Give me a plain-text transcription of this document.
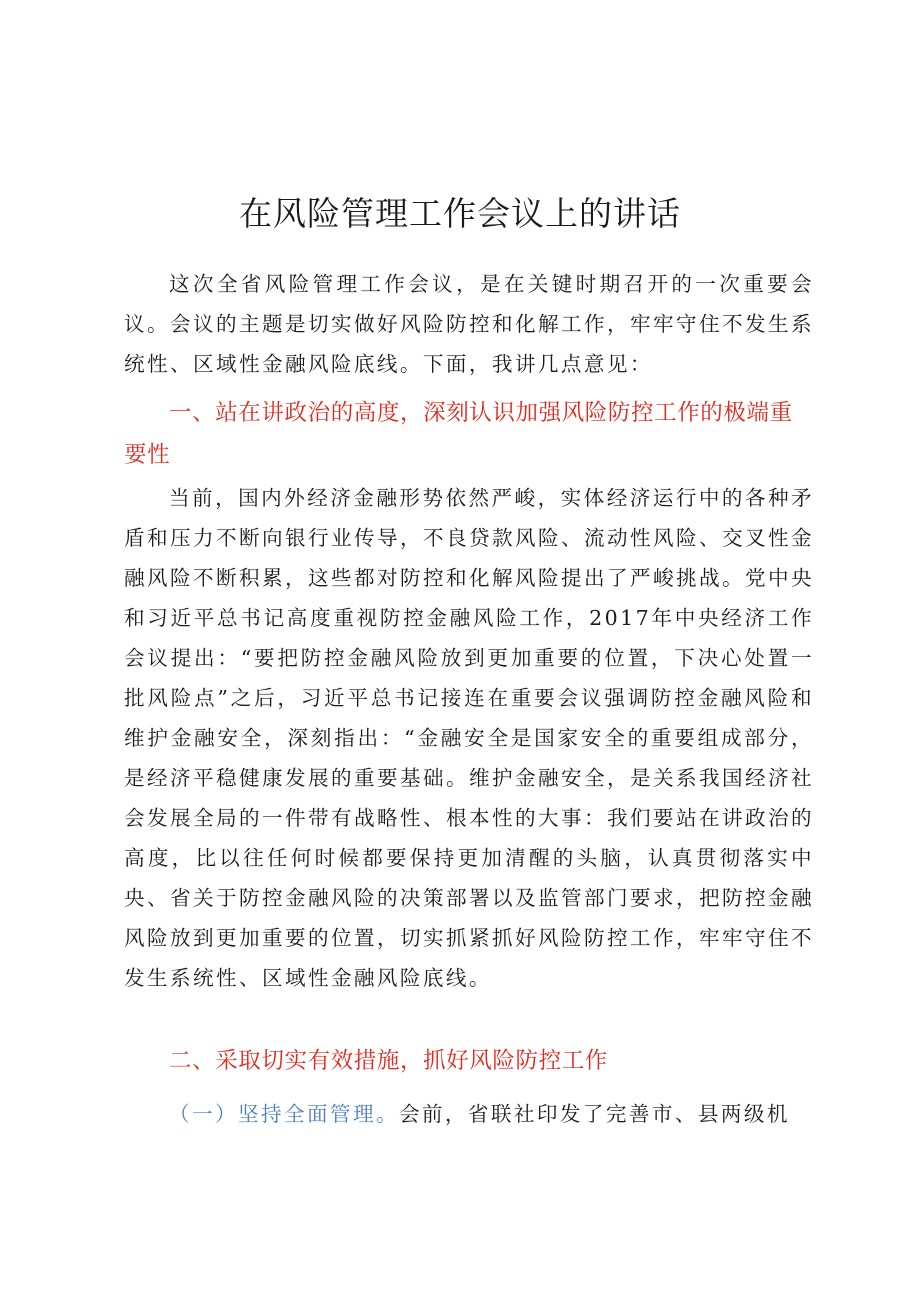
在风险管理工作会议上的讲话

这次全省风险管理工作会议，是在关键时期召开的一次重要会议。会议的主题是切实做好风险防控和化解工作，牢牢守住不发生系统性、区域性金融风险底线。下面，我讲几点意见：

一、站在讲政治的高度，深刻认识加强风险防控工作的极端重要性

当前，国内外经济金融形势依然严峻，实体经济运行中的各种矛盾和压力不断向银行业传导，不良贷款风险、流动性风险、交叉性金融风险不断积累，这些都对防控和化解风险提出了严峻挑战。党中央和习近平总书记高度重视防控金融风险工作，2017年中央经济工作会议提出：“要把防控金融风险放到更加重要的位置，下决心处置一批风险点”之后，习近平总书记接连在重要会议强调防控金融风险和维护金融安全，深刻指出：“金融安全是国家安全的重要组成部分，是经济平稳健康发展的重要基础。维护金融安全，是关系我国经济社会发展全局的一件带有战略性、根本性的大事：我们要站在讲政治的高度，比以往任何时候都要保持更加清醒的头脑，认真贯彻落实中央、省关于防控金融风险的决策部署以及监管部门要求，把防控金融风险放到更加重要的位置，切实抓紧抓好风险防控工作，牢牢守住不发生系统性、区域性金融风险底线。

二、采取切实有效措施，抓好风险防控工作

（一）坚持全面管理。会前，省联社印发了完善市、县两级机
